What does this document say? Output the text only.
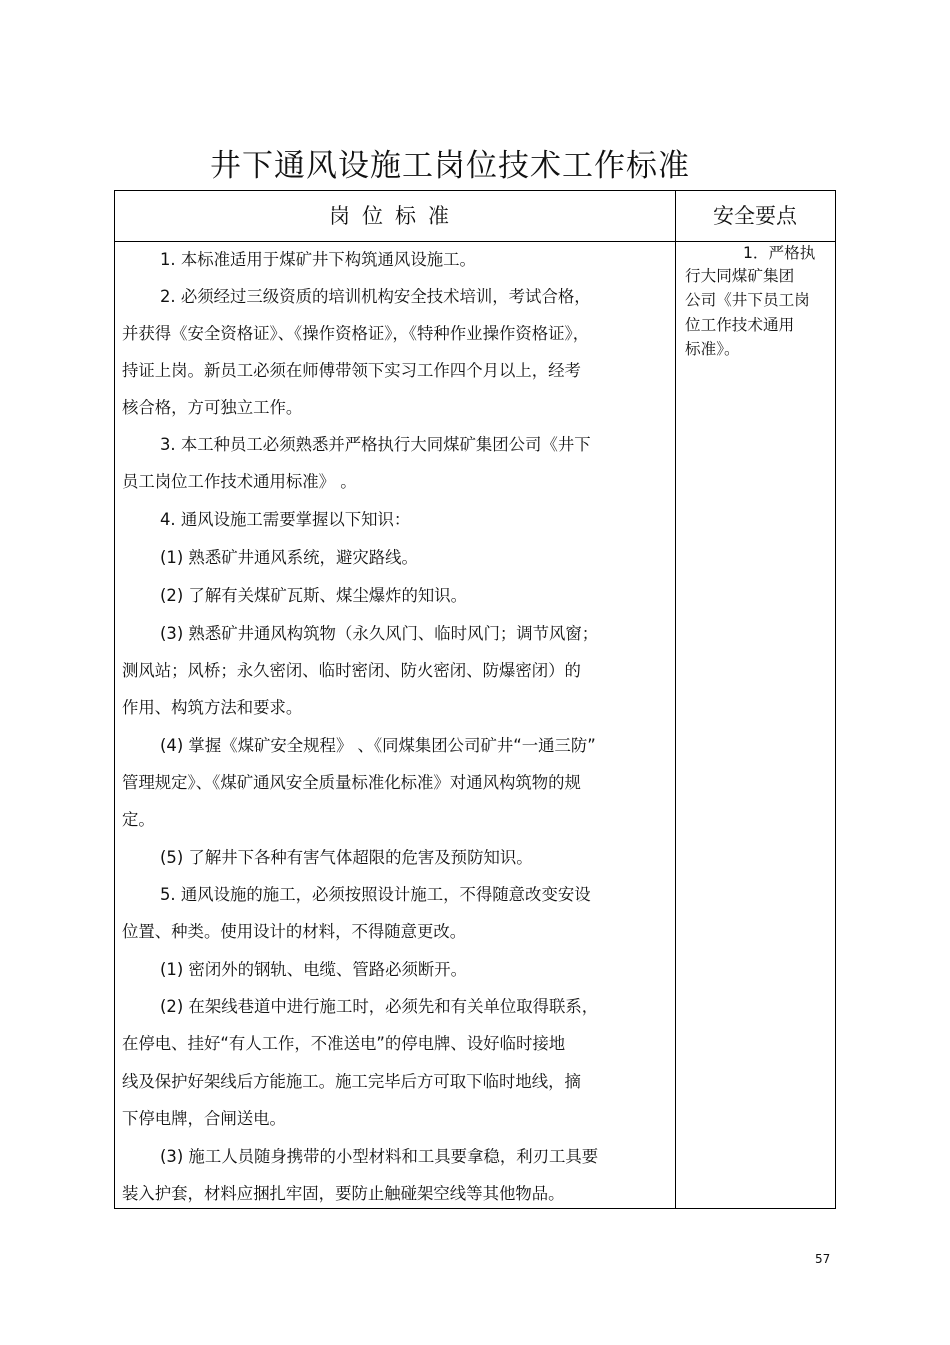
井下通风设施工岗位技术工作标准
岗位标准	安全要点
1. 本标准适用于煤矿井下构筑通风设施工。
2. 必须经过三级资质的培训机构安全技术培训，考试合格，
并获得《安全资格证》、《操作资格证》，《特种作业操作资格证》，
持证上岗。新员工必须在师傅带领下实习工作四个月以上，经考
核合格，方可独立工作。
3. 本工种员工必须熟悉并严格执行大同煤矿集团公司《井下
员工岗位工作技术通用标准》 。
4. 通风设施工需要掌握以下知识：
(1) 熟悉矿井通风系统，避灾路线。
(2) 了解有关煤矿瓦斯、煤尘爆炸的知识。
(3) 熟悉矿井通风构筑物（永久风门、临时风门；调节风窗；
测风站；风桥；永久密闭、临时密闭、防火密闭、防爆密闭）的
作用、构筑方法和要求。
(4) 掌握《煤矿安全规程》 、《同煤集团公司矿井“一通三防”
管理规定》、《煤矿通风安全质量标准化标准》对通风构筑物的规
定。
(5) 了解井下各种有害气体超限的危害及预防知识。
5. 通风设施的施工，必须按照设计施工，不得随意改变安设
位置、种类。使用设计的材料，不得随意更改。
(1) 密闭外的钢轨、电缆、管路必须断开。
(2) 在架线巷道中进行施工时，必须先和有关单位取得联系，
在停电、挂好“有人工作，不准送电”的停电牌、设好临时接地
线及保护好架线后方能施工。施工完毕后方可取下临时地线，摘
下停电牌，合闸送电。
(3) 施工人员随身携带的小型材料和工具要拿稳，利刃工具要
装入护套，材料应捆扎牢固，要防止触碰架空线等其他物品。
1．严格执
行大同煤矿集团
公司《井下员工岗
位工作技术通用
标准》。
57
